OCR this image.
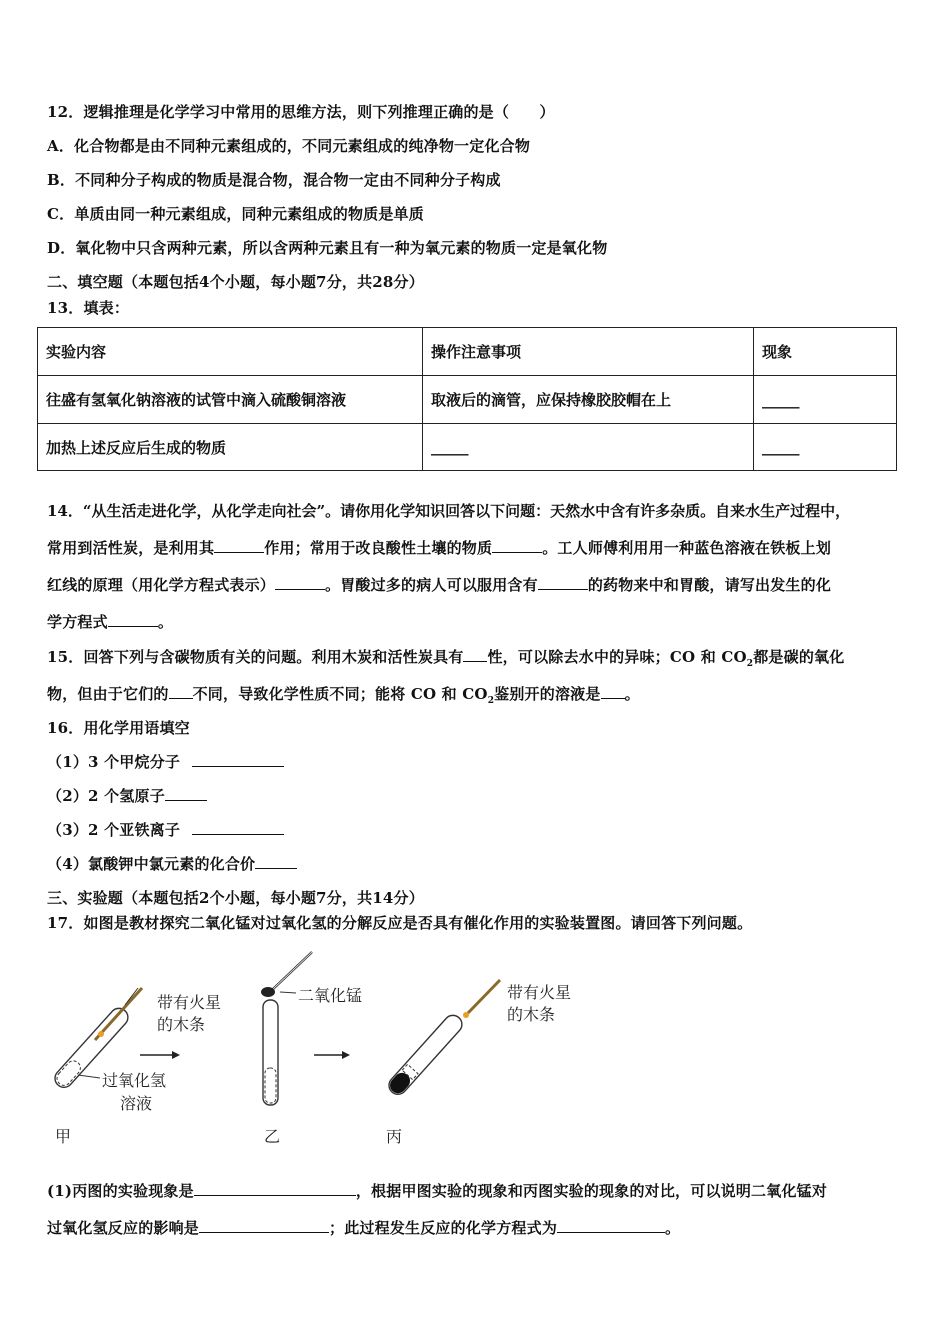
12．逻辑推理是化学学习中常用的思维方法，则下列推理正确的是（　　）
A．化合物都是由不同种元素组成的，不同元素组成的纯净物一定化合物
B．不同种分子构成的物质是混合物，混合物一定由不同种分子构成
C．单质由同一种元素组成，同种元素组成的物质是单质
D．氧化物中只含两种元素，所以含两种元素且有一种为氧元素的物质一定是氧化物
二、填空题（本题包括4个小题，每小题7分，共28分）
13．填表：
实验内容	操作注意事项	现象
往盛有氢氧化钠溶液的试管中滴入硫酸铜溶液	取液后的滴管，应保持橡胶胶帽在上	_____
加热上述反应后生成的物质	_____	_____
14．“从生活走进化学，从化学走向社会”。请你用化学知识回答以下问题：天然水中含有许多杂质。自来水生产过程中，
常用到活性炭，是利用其	作用；常用于改良酸性土壤的物质	。工人师傅利用用一种蓝色溶液在铁板上划
红线的原理（用化学方程式表示）	。胃酸过多的病人可以服用含有	的药物来中和胃酸，请写出发生的化
学方程式	。
15．回答下列与含碳物质有关的问题。利用木炭和活性炭具有 性，可以除去水中的异味；CO 和 $CO_2$都是碳的氧化
物，但由于它们的 不同，导致化学性质不同；能将 CO 和 $CO_2$鉴别开的溶液是 。
16．用化学用语填空
（1）3 个甲烷分子
（2）2 个氢原子
（3）2 个亚铁离子
（4）氯酸钾中氯元素的化合价
三、实验题（本题包括2个小题，每小题7分，共14分）
17．如图是教材探究二氧化锰对过氧化氢的分解反应是否具有催化作用的实验装置图。请回答下列问题。
带有火星
的木条
过氧化氢
溶液
二氧化锰	带有火星
的木条
甲	乙	丙
(1)丙图的实验现象是	，根据甲图实验的现象和丙图实验的现象的对比，可以说明二氧化锰对
过氧化氢反应的影响是	；此过程发生反应的化学方程式为	。
